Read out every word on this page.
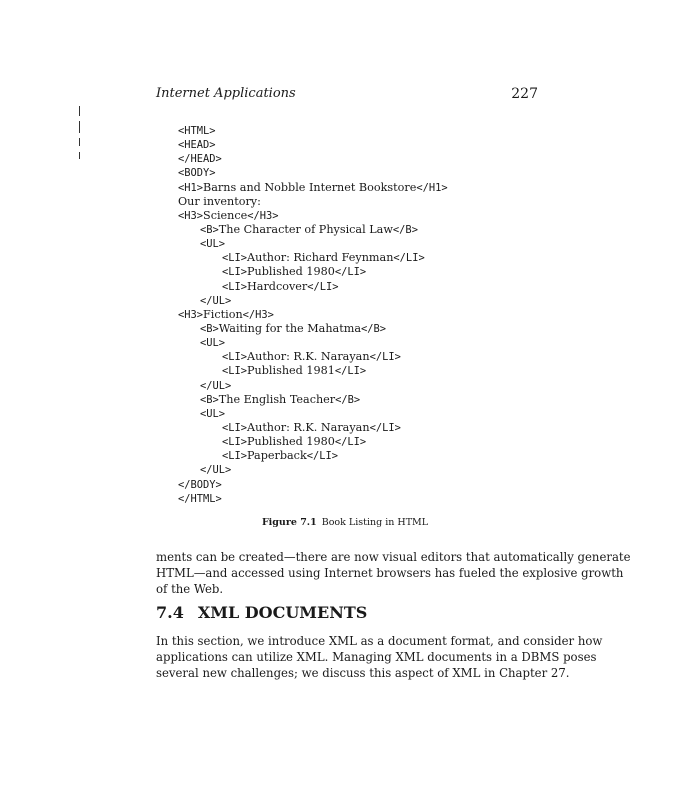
Internet Applications	227
<HTML>
<HEAD>
</HEAD>
<BODY>
<H1>Barns and Nobble Internet Bookstore</H1>
Our inventory:
<H3>Science</H3>
<B>The Character of Physical Law</B>
<UL>
<LI>Author: Richard Feynman</LI>
<LI>Published 1980</LI>
<LI>Hardcover</LI>
</UL>
<H3>Fiction</H3>
<B>Waiting for the Mahatma</B>
<UL>
<LI>Author: R.K. Narayan</LI>
<LI>Published 1981</LI>
</UL>
<B>The English Teacher</B>
<UL>
<LI>Author: R.K. Narayan</LI>
<LI>Published 1980</LI>
<LI>Paperback</LI>
</UL>
</BODY>
</HTML>
Figure 7.1 Book Listing in HTML
ments can be created—there are now visual editors that automatically generate
HTML—and accessed using Internet browsers has fueled the explosive growth
of the Web.
7.4 XML DOCUMENTS
In this section, we introduce XML as a document format, and consider how
applications can utilize XML. Managing XML documents in a DBMS poses
several new challenges; we discuss this aspect of XML in Chapter 27.
